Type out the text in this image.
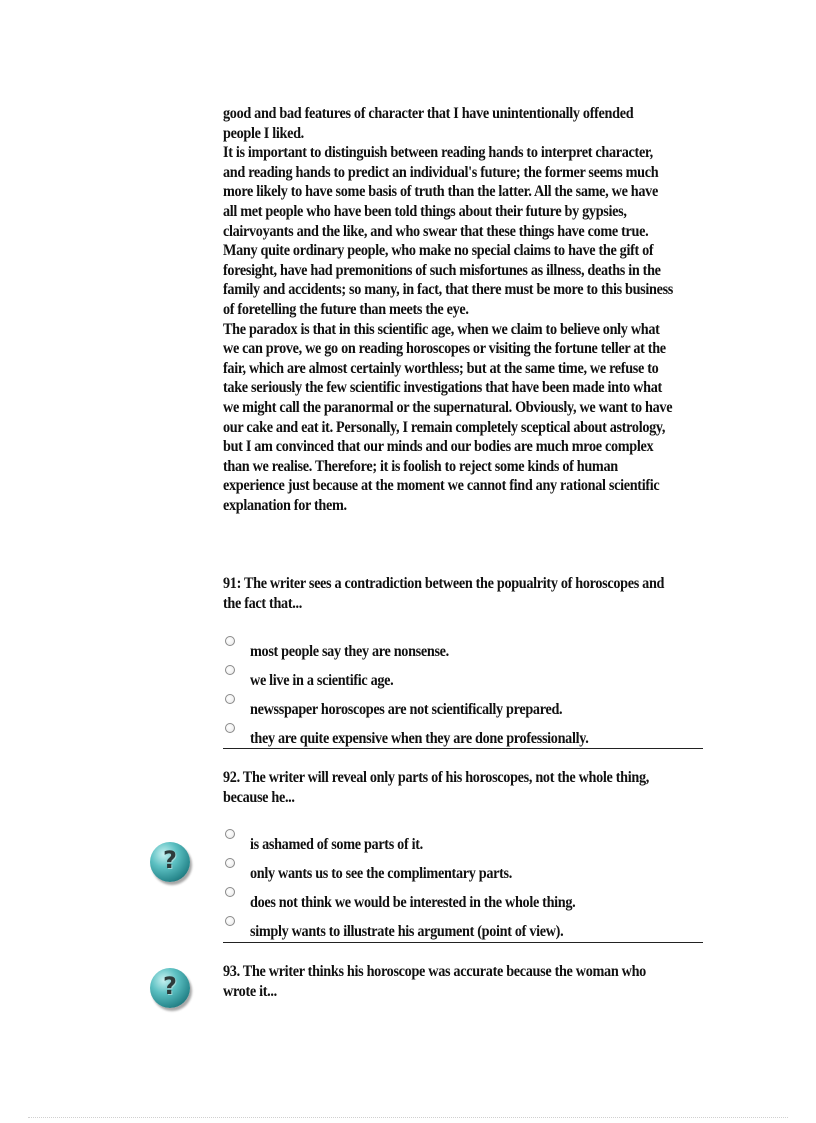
good and bad features of character that I have unintentionally offended people I liked.
It is important to distinguish between reading hands to interpret character, and reading hands to predict an individual's future; the former seems much more likely to have some basis of truth than the latter. All the same, we have all met people who have been told things about their future by gypsies, clairvoyants and the like, and who swear that these things have come true. Many quite ordinary people, who make no special claims to have the gift of foresight, have had premonitions of such misfortunes as illness, deaths in the family and accidents; so many, in fact, that there must be more to this business of foretelling the future than meets the eye.
The paradox is that in this scientific age, when we claim to believe only what we can prove, we go on reading horoscopes or visiting the fortune teller at the fair, which are almost certainly worthless; but at the same time, we refuse to take seriously the few scientific investigations that have been made into what we might call the paranormal or the supernatural. Obviously, we want to have our cake and eat it. Personally, I remain completely sceptical about astrology, but I am convinced that our minds and our bodies are much mroe complex than we realise. Therefore; it is foolish to reject some kinds of human experience just because at the moment we cannot find any rational scientific explanation for them.
91: The writer sees a contradiction between the popualrity of horoscopes and the fact that...
most people say they are nonsense.
we live in a scientific age.
newsspaper horoscopes are not scientifically prepared.
they are quite expensive when they are done professionally.
92. The writer will reveal only parts of his horoscopes, not the whole thing, because he...
?
is ashamed of some parts of it.
only wants us to see the complimentary parts.
does not think we would be interested in the whole thing.
simply wants to illustrate his argument (point of view).
?
93. The writer thinks his horoscope was accurate because the woman who wrote it...
